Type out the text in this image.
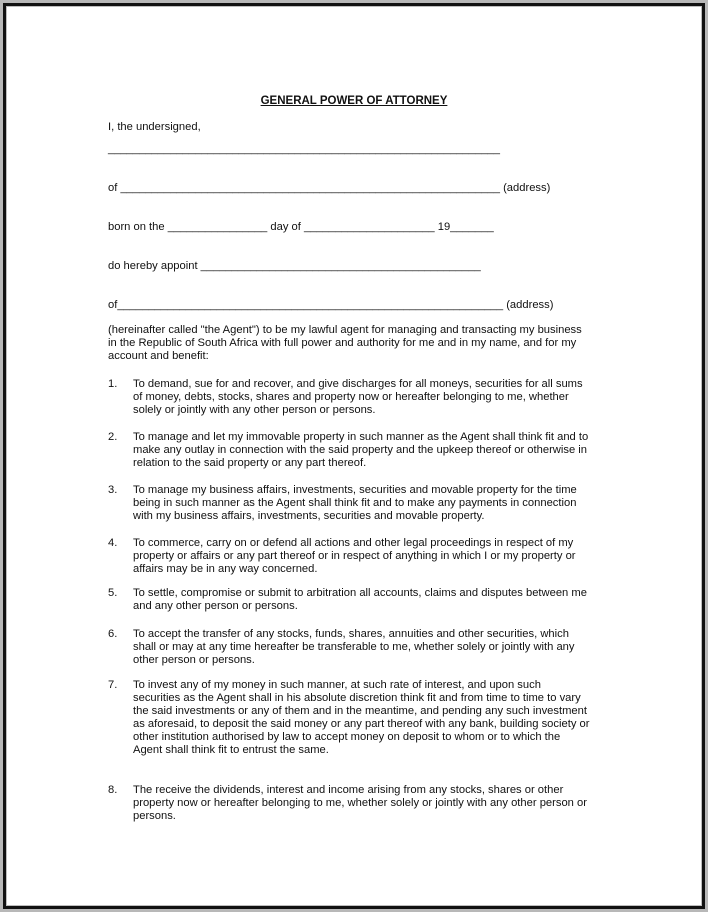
GENERAL POWER OF ATTORNEY
I, the undersigned,
_______________________________________________________________
of _____________________________________________________________ (address)
born on the ________________ day of _____________________ 19_______
do hereby appoint _____________________________________________
of______________________________________________________________ (address)
(hereinafter called "the Agent") to be my lawful agent for managing and transacting my business
in the Republic of South Africa with full power and authority for me and in my name, and for my
account and benefit:
1. To demand, sue for and recover, and give discharges for all moneys, securities for all sums
of money, debts, stocks, shares and property now or hereafter belonging to me, whether
solely or jointly with any other person or persons.
2. To manage and let my immovable property in such manner as the Agent shall think fit and to
make any outlay in connection with the said property and the upkeep thereof or otherwise in
relation to the said property or any part thereof.
3. To manage my business affairs, investments, securities and movable property for the time
being in such manner as the Agent shall think fit and to make any payments in connection
with my business affairs, investments, securities and movable property.
4. To commerce, carry on or defend all actions and other legal proceedings in respect of my
property or affairs or any part thereof or in respect of anything in which I or my property or
affairs may be in any way concerned.
5. To settle, compromise or submit to arbitration all accounts, claims and disputes between me
and any other person or persons.
6. To accept the transfer of any stocks, funds, shares, annuities and other securities, which
shall or may at any time hereafter be transferable to me, whether solely or jointly with any
other person or persons.
7. To invest any of my money in such manner, at such rate of interest, and upon such
securities as the Agent shall in his absolute discretion think fit and from time to time to vary
the said investments or any of them and in the meantime, and pending any such investment
as aforesaid, to deposit the said money or any part thereof with any bank, building society or
other institution authorised by law to accept money on deposit to whom or to which the
Agent shall think fit to entrust the same.
8. The receive the dividends, interest and income arising from any stocks, shares or other
property now or hereafter belonging to me, whether solely or jointly with any other person or
persons.
